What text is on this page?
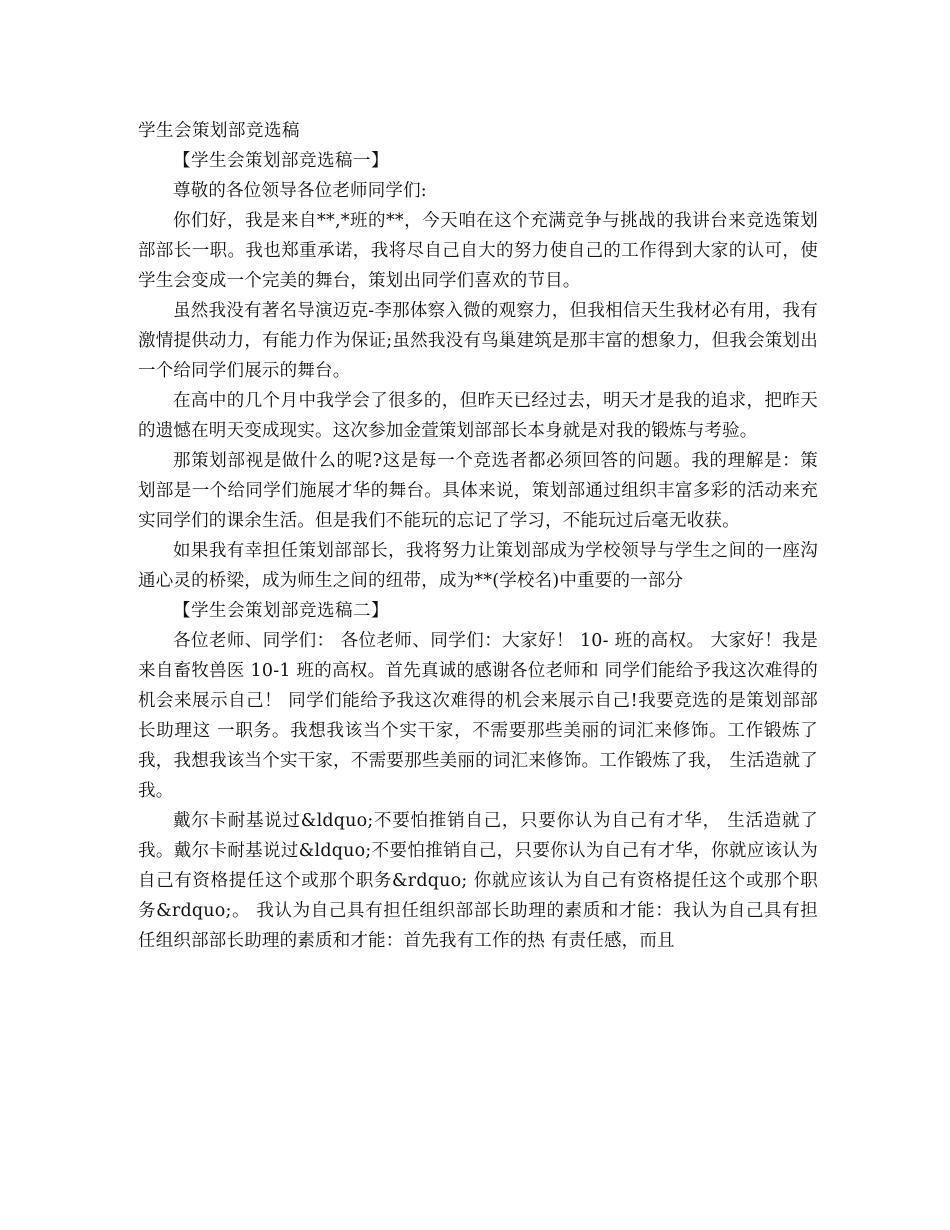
学生会策划部竞选稿

【学生会策划部竞选稿一】

尊敬的各位领导各位老师同学们:

你们好，我是来自**,*班的**，今天咱在这个充满竞争与挑战的我讲台来竞选策划部部长一职。我也郑重承诺，我将尽自己自大的努力使自己的工作得到大家的认可，使学生会变成一个完美的舞台，策划出同学们喜欢的节目。

虽然我没有著名导演迈克-李那体察入微的观察力，但我相信天生我材必有用，我有激情提供动力，有能力作为保证;虽然我没有鸟巢建筑是那丰富的想象力，但我会策划出一个给同学们展示的舞台。

在高中的几个月中我学会了很多的，但昨天已经过去，明天才是我的追求，把昨天的遗憾在明天变成现实。这次参加金萱策划部部长本身就是对我的锻炼与考验。

那策划部视是做什么的呢?这是每一个竞选者都必须回答的问题。我的理解是：策划部是一个给同学们施展才华的舞台。具体来说，策划部通过组织丰富多彩的活动来充实同学们的课余生活。但是我们不能玩的忘记了学习，不能玩过后毫无收获。

如果我有幸担任策划部部长，我将努力让策划部成为学校领导与学生之间的一座沟通心灵的桥梁，成为师生之间的纽带，成为**(学校名)中重要的一部分

【学生会策划部竞选稿二】

各位老师、同学们： 各位老师、同学们：大家好！ 10- 班的高权。 大家好！我是来自畜牧兽医 10-1 班的高权。首先真诚的感谢各位老师和 同学们能给予我这次难得的机会来展示自己！ 同学们能给予我这次难得的机会来展示自己!我要竞选的是策划部部长助理这 一职务。我想我该当个实干家，不需要那些美丽的词汇来修饰。工作锻炼了我，我想我该当个实干家，不需要那些美丽的词汇来修饰。工作锻炼了我， 生活造就了我。

戴尔卡耐基说过&ldquo;不要怕推销自己，只要你认为自己有才华， 生活造就了我。戴尔卡耐基说过&ldquo;不要怕推销自己，只要你认为自己有才华，你就应该认为自己有资格提任这个或那个职务&rdquo; 你就应该认为自己有资格提任这个或那个职务&rdquo;。 我认为自己具有担任组织部部长助理的素质和才能：我认为自己具有担任组织部部长助理的素质和才能：首先我有工作的热 有责任感，而且
